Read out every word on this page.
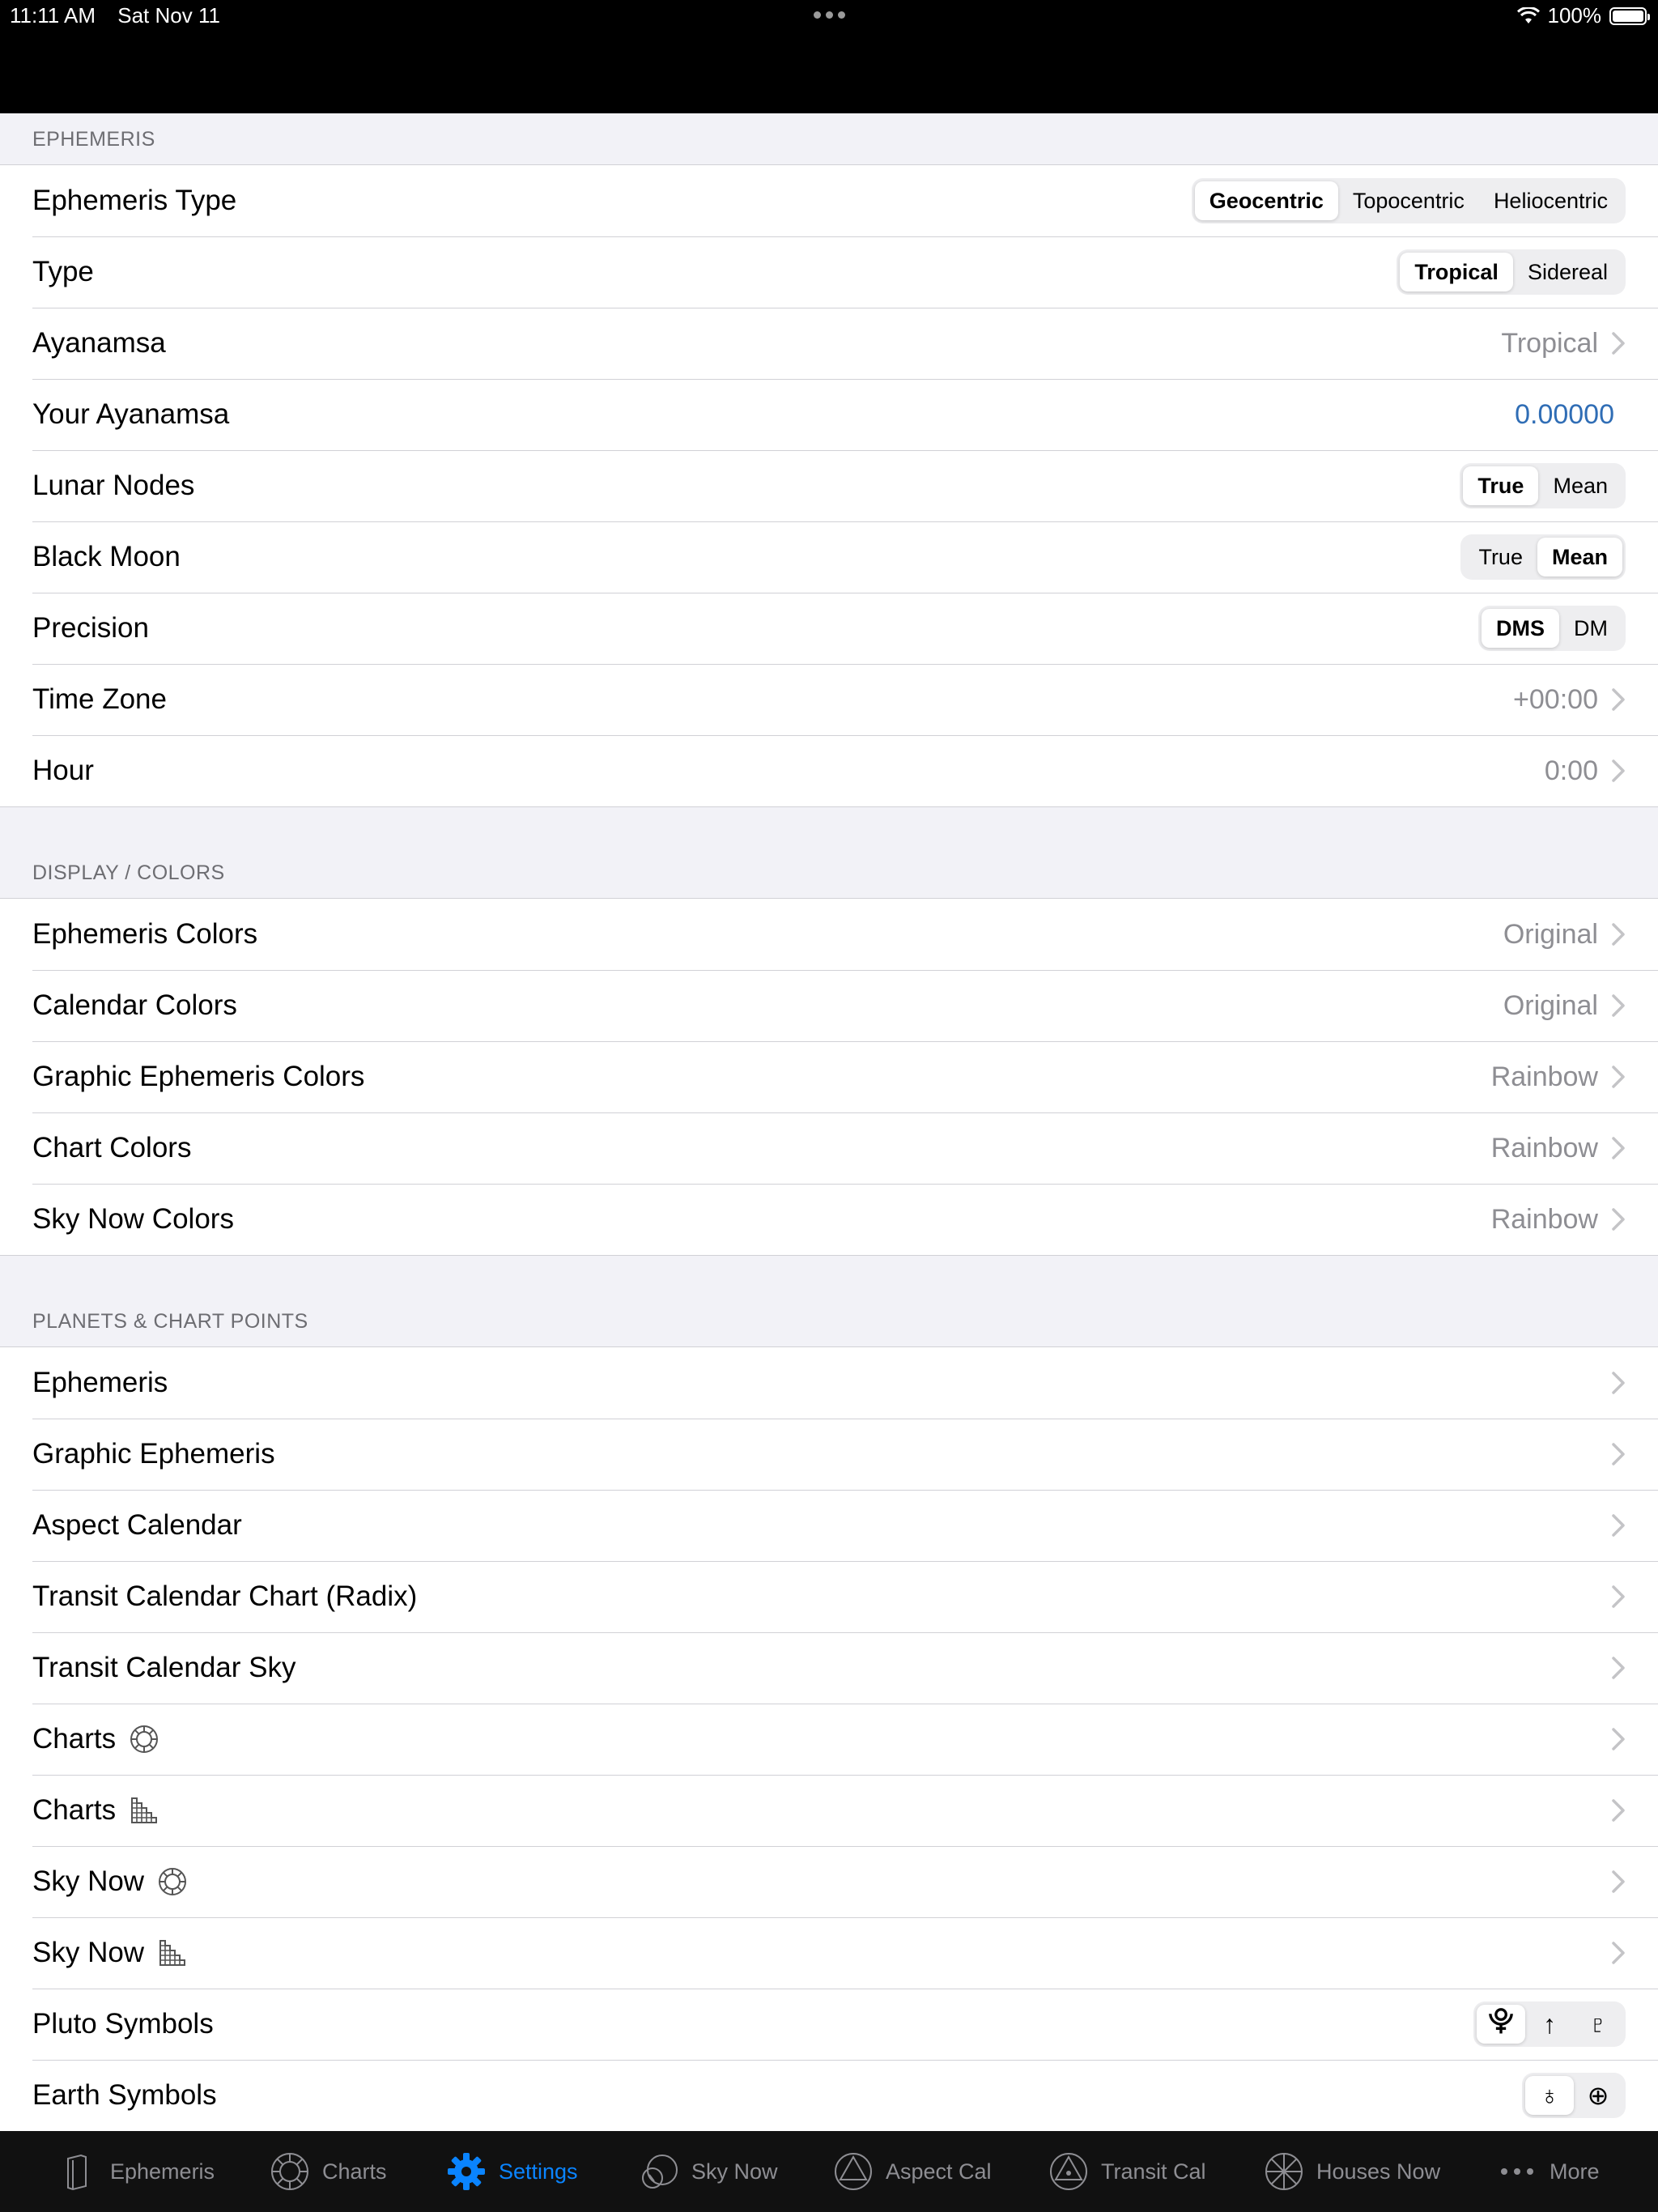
11:11 AM Sat Nov 11	100%
EPHEMERIS
Ephemeris Type	Geocentric	Topocentric	Heliocentric
Type	Tropical	Sidereal
Ayanamsa	Tropical
Your Ayanamsa	0.00000
Lunar Nodes	True	Mean
Black Moon	True	Mean
Precision	DMS	DM
Time Zone	+00:00
Hour	0:00
DISPLAY / COLORS
Ephemeris Colors	Original
Calendar Colors	Original
Graphic Ephemeris Colors	Rainbow
Chart Colors	Rainbow
Sky Now Colors	Rainbow
PLANETS & CHART POINTS
Ephemeris
Graphic Ephemeris
Aspect Calendar
Transit Calendar Chart (Radix)
Transit Calendar Sky
Charts
Charts
Sky Now
Sky Now
Pluto Symbols	⯓	↑	♇
Earth Symbols	♁	⊕
Ephemeris	Charts	Settings	Sky Now	Aspect Cal	Transit Cal	Houses Now	More
